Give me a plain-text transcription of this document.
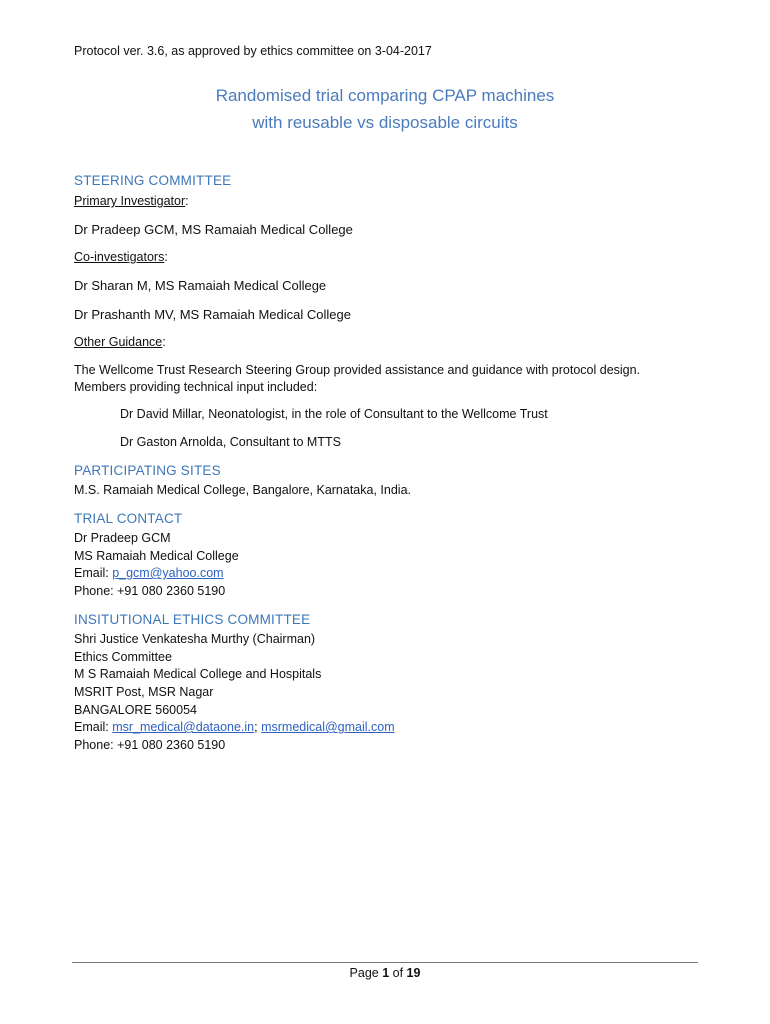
Protocol ver. 3.6, as approved by ethics committee on 3-04-2017
Randomised trial comparing CPAP machines
with reusable vs disposable circuits
STEERING COMMITTEE
Primary Investigator:
Dr Pradeep GCM, MS Ramaiah Medical College
Co-investigators:
Dr Sharan M, MS Ramaiah Medical College
Dr Prashanth MV, MS Ramaiah Medical College
Other Guidance:
The Wellcome Trust Research Steering Group provided assistance and guidance with protocol design.
Members providing technical input included:
Dr David Millar, Neonatologist, in the role of Consultant to the Wellcome Trust
Dr Gaston Arnolda, Consultant to MTTS
PARTICIPATING SITES
M.S. Ramaiah Medical College, Bangalore, Karnataka, India.
TRIAL CONTACT
Dr Pradeep GCM
MS Ramaiah Medical College
Email: p_gcm@yahoo.com
Phone: +91 080 2360 5190
INSITUTIONAL ETHICS COMMITTEE
Shri Justice Venkatesha Murthy (Chairman)
Ethics Committee
M S Ramaiah Medical College and Hospitals
MSRIT Post, MSR Nagar
BANGALORE 560054
Email: msr_medical@dataone.in; msrmedical@gmail.com
Phone: +91 080 2360 5190
Page 1 of 19
